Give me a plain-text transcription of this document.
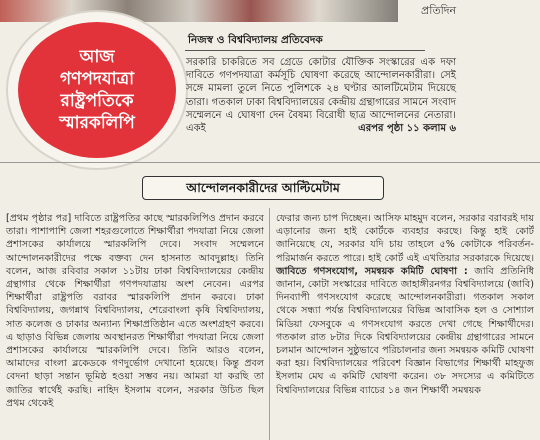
প্রতিদিন
আজ
গণপদযাত্রা
রাষ্ট্রপতিকে
স্মারকলিপি
নিজস্ব ও বিশ্ববিদ্যালয় প্রতিবেদক
সরকারি চাকরিতে সব গ্রেডে কোটার যৌক্তিক সংস্কারের এক দফা দাবিতে গণপদযাত্রা কর্মসূচি ঘোষণা করেছে আন্দোলনকারীরা। সেই সঙ্গে মামলা তুলে নিতে পুলিশকে ২৪ ঘণ্টার আলটিমেটাম দিয়েছে তারা। গতকাল ঢাকা বিশ্ববিদ্যালয়ের কেন্দ্রীয় গ্রন্থাগারের সামনে সংবাদ সম্মেলনে এ ঘোষণা দেন বৈষম্য বিরোধী ছাত্র আন্দোলনের নেতারা। একই	এরপর পৃষ্ঠা ১১ কলাম ৬
আন্দোলনকারীদের আল্টিমেটাম

[প্রথম পৃষ্ঠার পর] দাবিতে রাষ্ট্রপতির কাছে স্মারকলিপিও প্রদান করবে তারা। পাশাপাশি জেলা শহরগুলোতে শিক্ষার্থীরা পদযাত্রা নিয়ে জেলা প্রশাসকের কার্যালয়ে স্মারকলিপি দেবে। সংবাদ সম্মেলনে আন্দোলনকারীদের পক্ষে বক্তব্য দেন হাসনাত আবদুল্লাহ। তিনি বলেন, আজ রবিবার সকাল ১১টায় ঢাকা বিশ্ববিদ্যালয়ের কেন্দ্রীয় গ্রন্থাগার থেকে শিক্ষার্থীরা গণপদযাত্রায় অংশ নেবেন। এরপর শিক্ষার্থীরা রাষ্ট্রপতি বরাবর স্মারকলিপি প্রদান করবে। ঢাকা বিশ্ববিদ্যালয়, জগন্নাথ বিশ্ববিদ্যালয়, শেরেবাংলা কৃষি বিশ্ববিদ্যালয়, সাত কলেজ ও ঢাকার অন্যান্য শিক্ষাপ্রতিষ্ঠান এতে অংশগ্রহণ করবে। এ ছাড়াও বিভিন্ন জেলায় অবস্থানরত শিক্ষার্থীরা পদযাত্রা নিয়ে জেলা প্রশাসকের কার্যালয়ে স্মারকলিপি দেবে। তিনি আরও বলেন, আমাদের বাংলা ব্লকেডকে গণদুর্ভোগ দেখানো হয়েছে। কিন্তু প্রবল বেদনা ছাড়া সন্তান ভূমিষ্ঠ হওয়া সম্ভব নয়। আমরা যা করছি তা জাতির স্বার্থেই করছি। নাহিদ ইসলাম বলেন, সরকার উচিত ছিল প্রথম থেকেই

ফেরার জন্য চাপ দিচ্ছেন। আসিফ মাহমুদ বলেন, সরকার বরাবরই দায় এড়ানোর জন্য হাই কোর্টকে ব্যবহার করছে। কিন্তু হাই কোর্ট জানিয়েছে যে, সরকার যদি চায় তাহলে ৫% কোটাকে পরিবর্তন-পরিমার্জন করতে পারে। হাই কোর্ট এই এখতিয়ার সরকারকে দিয়েছে। জাবিতে গণসংযোগ, সমন্বয়ক কমিটি ঘোষণা : জাবি প্রতিনিধি জানান, কোটা সংস্কারের দাবিতে জাহাঙ্গীরনগর বিশ্ববিদ্যালয়ে (জাবি) দিনব্যাপী গণসংযোগ করেছে আন্দোলনকারীরা। গতকাল সকাল থেকে সন্ধ্যা পর্যন্ত বিশ্ববিদ্যালয়ের বিভিন্ন আবাসিক হল ও সোশ্যাল মিডিয়া ফেসবুকে এ গণসংযোগ করতে দেখা গেছে শিক্ষার্থীদের। গতকাল রাত ৮টার দিকে বিশ্ববিদ্যালয়ের কেন্দ্রীয় গ্রন্থাগারের সামনে চলমান আন্দোলন সুষ্ঠুভাবে পরিচালনার জন্য সমন্বয়ক কমিটি ঘোষণা করা হয়। বিশ্ববিদ্যালয়ের পরিবেশ বিজ্ঞান বিভাগের শিক্ষার্থী মাহফুজ ইসলাম মেঘ এ কমিটি ঘোষণা করেন। ৩৮ সদস্যের এ কমিটিতে বিশ্ববিদ্যালয়ের বিভিন্ন ব্যাচের ১৪ জন শিক্ষার্থী সমন্বয়ক
